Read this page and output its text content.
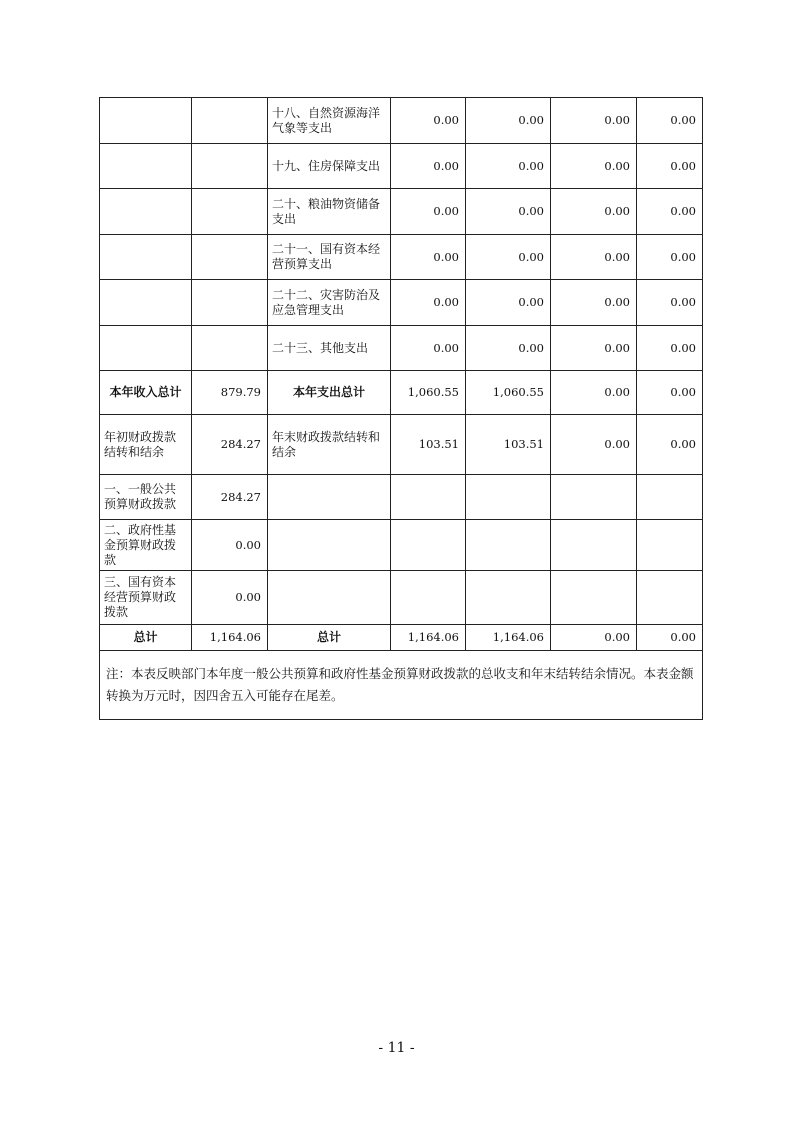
		十八、自然资源海洋气象等支出	0.00	0.00	0.00	0.00
		十九、住房保障支出	0.00	0.00	0.00	0.00
		二十、粮油物资储备支出	0.00	0.00	0.00	0.00
		二十一、国有资本经营预算支出	0.00	0.00	0.00	0.00
		二十二、灾害防治及应急管理支出	0.00	0.00	0.00	0.00
		二十三、其他支出	0.00	0.00	0.00	0.00
本年收入总计	879.79	本年支出总计	1,060.55	1,060.55	0.00	0.00
年初财政拨款结转和结余	284.27	年末财政拨款结转和结余	103.51	103.51	0.00	0.00
一、一般公共预算财政拨款	284.27					
二、政府性基金预算财政拨款	0.00					
三、国有资本经营预算财政拨款	0.00					
总计	1,164.06	总计	1,164.06	1,164.06	0.00	0.00
注：本表反映部门本年度一般公共预算和政府性基金预算财政拨款的总收支和年末结转结余情况。本表金额转换为万元时，因四舍五入可能存在尾差。						
- 11 -
